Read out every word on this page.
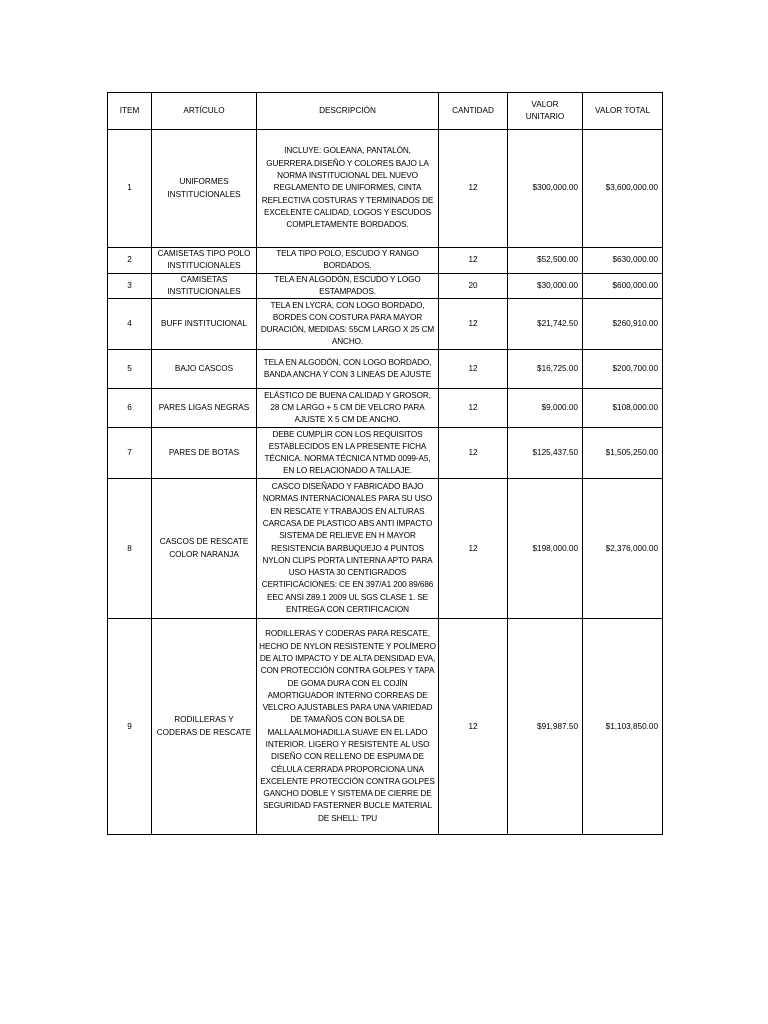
ITEM	ARTÍCULO	DESCRIPCIÓN	CANTIDAD	VALOR UNITARIO	VALOR TOTAL
1	UNIFORMES INSTITUCIONALES	INCLUYE: GOLEANA, PANTALÓN, GUERRERA.DISEÑO Y COLORES BAJO LA NORMA INSTITUCIONAL DEL NUEVO REGLAMENTO DE UNIFORMES, CINTA REFLECTIVA COSTURAS Y TERMINADOS DE EXCELENTE CALIDAD, LOGOS Y ESCUDOS COMPLETAMENTE BORDADOS.	12	$300,000.00	$3,600,000.00
2	CAMISETAS TIPO POLO INSTITUCIONALES	TELA TIPO POLO, ESCUDO Y RANGO BORDADOS.	12	$52,500.00	$630,000.00
3	CAMISETAS INSTITUCIONALES	TELA EN ALGODÓN, ESCUDO Y LOGO ESTAMPADOS.	20	$30,000.00	$600,000.00
4	BUFF INSTITUCIONAL	TELA EN LYCRA, CON LOGO BORDADO, BORDES CON COSTURA PARA MAYOR DURACIÓN, MEDIDAS: 55CM LARGO X 25 CM ANCHO.	12	$21,742.50	$260,910.00
5	BAJO CASCOS	TELA EN ALGODÓN, CON LOGO BORDADO, BANDA ANCHA Y CON 3 LINEAS DE AJUSTE	12	$16,725.00	$200,700.00
6	PARES LIGAS NEGRAS	ELÁSTICO DE BUENA CALIDAD Y GROSOR, 28 CM LARGO + 5 CM DE VELCRO PARA AJUSTE X 5 CM DE ANCHO.	12	$9,000.00	$108,000.00
7	PARES DE BOTAS	DEBE CUMPLIR CON LOS REQUISITOS ESTABLECIDOS EN LA PRESENTE FICHA TÉCNICA. NORMA TÉCNICA NTMD 0099-A5, EN LO RELACIONADO A TALLAJE.	12	$125,437.50	$1,505,250.00
8	CASCOS DE RESCATE COLOR NARANJA	CASCO DISEÑADO Y FABRICADO BAJO NORMAS INTERNACIONALES PARA SU USO EN RESCATE Y TRABAJOS EN ALTURAS CARCASA DE PLASTICO ABS ANTI IMPACTO SISTEMA DE RELIEVE EN H MAYOR RESISTENCIA BARBUQUEJO 4 PUNTOS NYLON CLIPS PORTA LINTERNA APTO PARA USO HASTA 30 CENTIGRADOS CERTIFICACIONES: CE EN 397/A1 200 89/686 EEC ANSI Z89.1 2009 UL SGS CLASE 1. SE ENTREGA CON CERTIFICACION	12	$198,000.00	$2,376,000.00
9	RODILLERAS Y CODERAS DE RESCATE	RODILLERAS Y CODERAS PARA RESCATE, HECHO DE NYLON RESISTENTE Y POLÍMERO DE ALTO IMPACTO Y DE ALTA DENSIDAD EVA, CON PROTECCIÓN CONTRA GOLPES Y TAPA DE GOMA DURA CON EL COJÍN AMORTIGUADOR INTERNO CORREAS DE VELCRO AJUSTABLES PARA UNA VARIEDAD DE TAMAÑOS CON BOLSA DE MALLAALMOHADILLA SUAVE EN EL LADO INTERIOR. LIGERO Y RESISTENTE AL USO DISEÑO CON RELLENO DE ESPUMA DE CÉLULA CERRADA PROPORCIONA UNA EXCELENTE PROTECCIÓN CONTRA GOLPES GANCHO DOBLE Y SISTEMA DE CIERRE DE SEGURIDAD FASTERNER BUCLE MATERIAL DE SHELL: TPU	12	$91,987.50	$1,103,850.00
